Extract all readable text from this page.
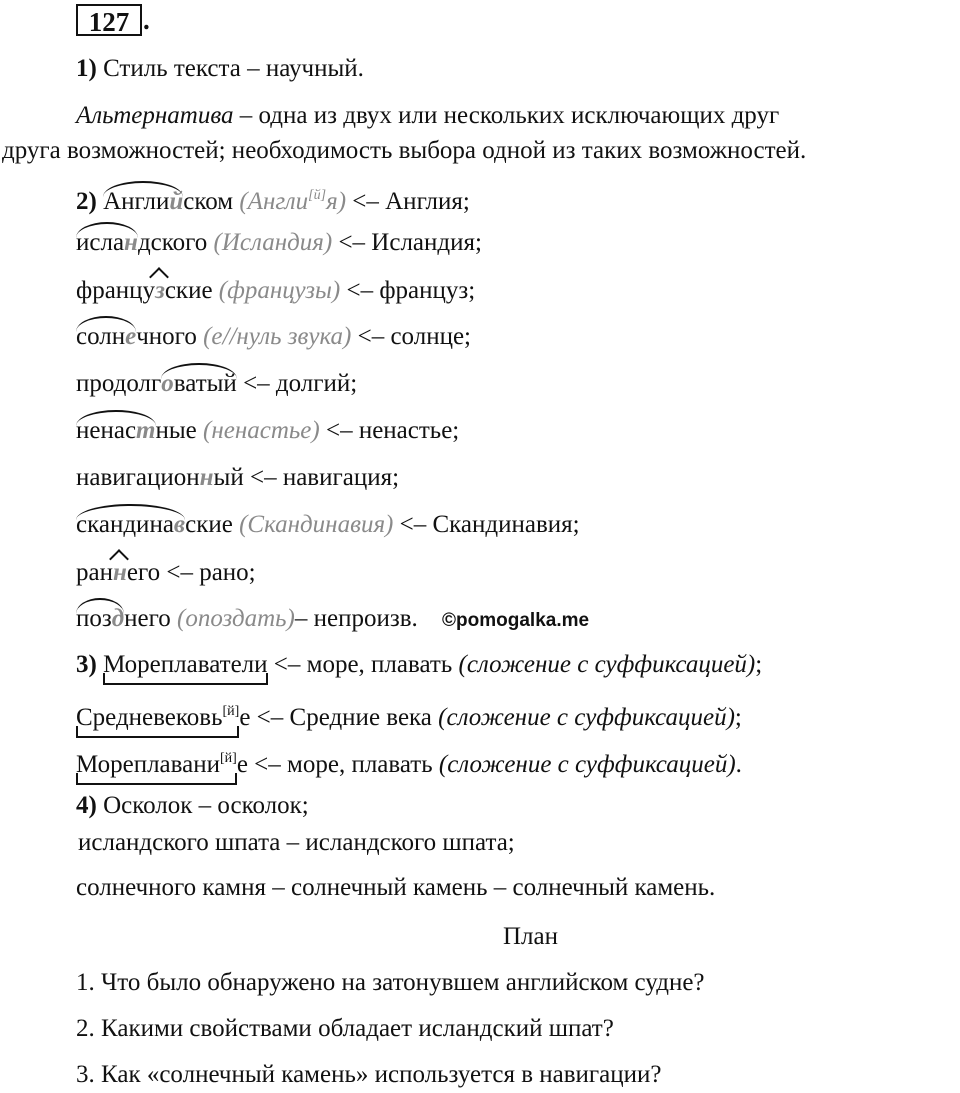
127 .
1) Стиль текста – научный.
Альтернатива – одна из двух или нескольких исключающих друг
друга возможностей; необходимость выбора одной из таких возможностей.
2) Английском (Англи[й]я) <– Англия;
исландского (Исландия) <– Исландия;
французские (французы) <– француз;
солнечного (е//нуль звука) <– солнце;
продолговатый <– долгий;
ненастные (ненастье) <– ненастье;
навигационный <– навигация;
скандинавские (Скандинавия) <– Скандинавия;
раннего <– рано;
позднего (опоздать)– непроизв. ©pomogalka.me
3) Мореплаватели <– море, плавать (сложение с суффиксацией);
Средневековь[й]е <– Средние века (сложение с суффиксацией);
Мореплавани[й]е <– море, плавать (сложение с суффиксацией).
4) Осколок – осколок;
исландского шпата – исландского шпата;
солнечного камня – солнечный камень – солнечный камень.
План
1. Что было обнаружено на затонувшем английском судне?
2. Какими свойствами обладает исландский шпат?
3. Как «солнечный камень» используется в навигации?
